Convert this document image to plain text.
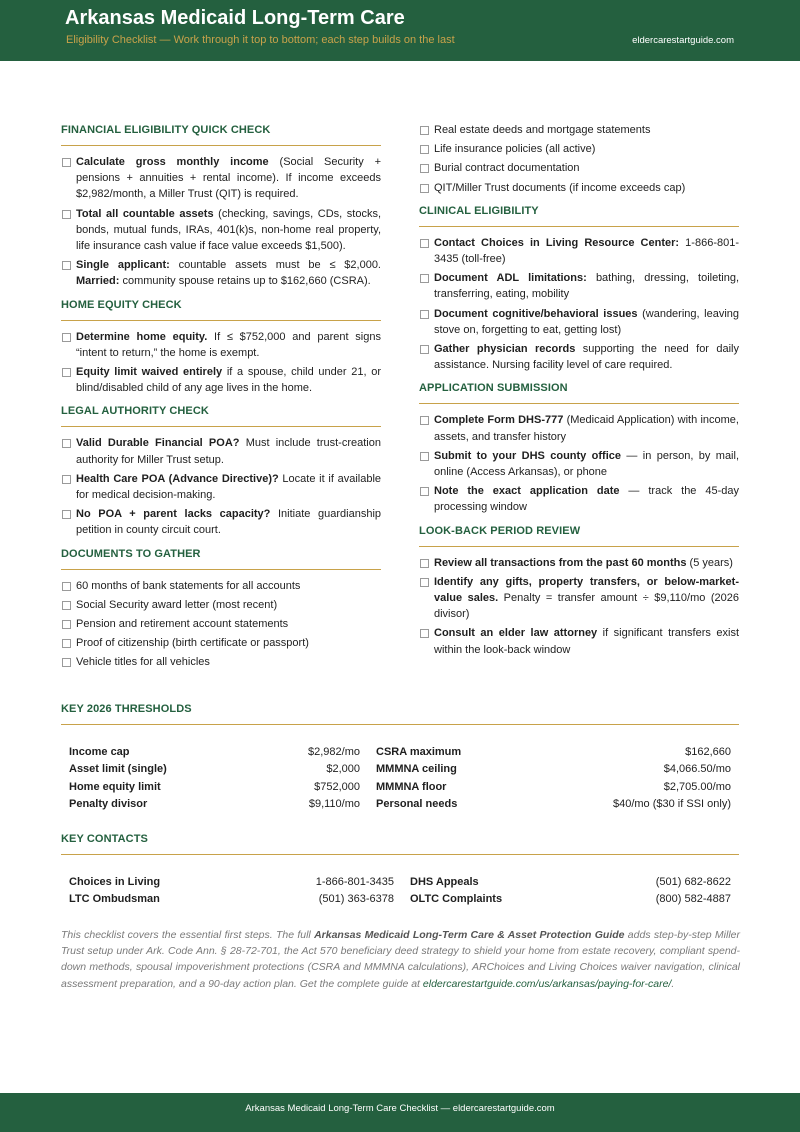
Arkansas Medicaid Long-Term Care
Eligibility Checklist — Work through it top to bottom; each step builds on the last	eldercarestartguide.com
FINANCIAL ELIGIBILITY QUICK CHECK
Calculate gross monthly income (Social Security + pensions + annuities + rental income). If income exceeds $2,982/month, a Miller Trust (QIT) is required.
Total all countable assets (checking, savings, CDs, stocks, bonds, mutual funds, IRAs, 401(k)s, non-home real property, life insurance cash value if face value exceeds $1,500).
Single applicant: countable assets must be ≤ $2,000. Married: community spouse retains up to $162,660 (CSRA).
HOME EQUITY CHECK
Determine home equity. If ≤ $752,000 and parent signs “intent to return,” the home is exempt.
Equity limit waived entirely if a spouse, child under 21, or blind/disabled child of any age lives in the home.
LEGAL AUTHORITY CHECK
Valid Durable Financial POA? Must include trust-creation authority for Miller Trust setup.
Health Care POA (Advance Directive)? Locate it if available for medical decision-making.
No POA + parent lacks capacity? Initiate guardianship petition in county circuit court.
DOCUMENTS TO GATHER
60 months of bank statements for all accounts
Social Security award letter (most recent)
Pension and retirement account statements
Proof of citizenship (birth certificate or passport)
Vehicle titles for all vehicles
Real estate deeds and mortgage statements
Life insurance policies (all active)
Burial contract documentation
QIT/Miller Trust documents (if income exceeds cap)
CLINICAL ELIGIBILITY
Contact Choices in Living Resource Center: 1-866-801-3435 (toll-free)
Document ADL limitations: bathing, dressing, toileting, transferring, eating, mobility
Document cognitive/behavioral issues (wandering, leaving stove on, forgetting to eat, getting lost)
Gather physician records supporting the need for daily assistance. Nursing facility level of care required.
APPLICATION SUBMISSION
Complete Form DHS-777 (Medicaid Application) with income, assets, and transfer history
Submit to your DHS county office — in person, by mail, online (Access Arkansas), or phone
Note the exact application date — track the 45-day processing window
LOOK-BACK PERIOD REVIEW
Review all transactions from the past 60 months (5 years)
Identify any gifts, property transfers, or below-market-value sales. Penalty = transfer amount ÷ $9,110/mo (2026 divisor)
Consult an elder law attorney if significant transfers exist within the look-back window
KEY 2026 THRESHOLDS
Income cap	$2,982/mo CSRA maximum	$162,660
Asset limit (single)	$2,000 MMMNA ceiling	$4,066.50/mo
Home equity limit	$752,000 MMMNA floor	$2,705.00/mo
Penalty divisor	$9,110/mo Personal needs	$40/mo ($30 if SSI only)
KEY CONTACTS
Choices in Living	1-866-801-3435 DHS Appeals	(501) 682-8622
LTC Ombudsman	(501) 363-6378 OLTC Complaints	(800) 582-4887
This checklist covers the essential first steps. The full Arkansas Medicaid Long-Term Care & Asset Protection Guide adds step-by-step Miller Trust setup under Ark. Code Ann. § 28-72-701, the Act 570 beneficiary deed strategy to shield your home from estate recovery, compliant spend-down methods, spousal impoverishment protections (CSRA and MMMNA calculations), ARChoices and Living Choices waiver navigation, clinical assessment preparation, and a 90-day action plan. Get the complete guide at eldercarestartguide.com/us/arkansas/paying-for-care/.
Arkansas Medicaid Long-Term Care Checklist — eldercarestartguide.com
